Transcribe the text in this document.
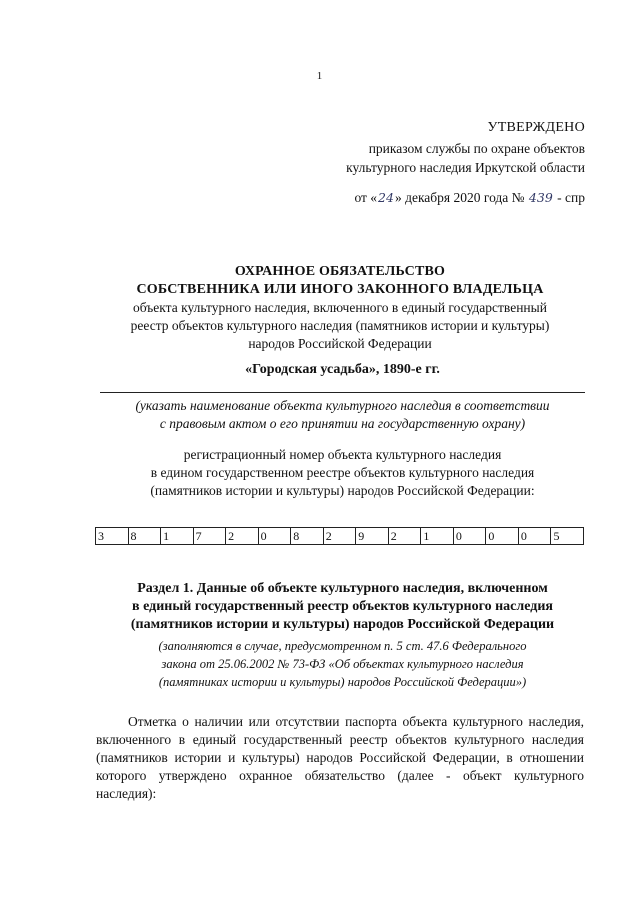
1
УТВЕРЖДЕНО
приказом службы по охране объектов
культурного наследия Иркутской области
от «24» декабря 2020 года № 439 - спр
ОХРАННОЕ ОБЯЗАТЕЛЬСТВО
СОБСТВЕННИКА ИЛИ ИНОГО ЗАКОННОГО ВЛАДЕЛЬЦА
объекта культурного наследия, включенного в единый государственный
реестр объектов культурного наследия (памятников истории и культуры)
народов Российской Федерации
«Городская усадьба», 1890-е гг.
(указать наименование объекта культурного наследия в соответствии
с правовым актом о его принятии на государственную охрану)
регистрационный номер объекта культурного наследия
в едином государственном реестре объектов культурного наследия
(памятников истории и культуры) народов Российской Федерации:
3	8	1	7	2	0	8	2	9	2	1	0	0	0	5
Раздел 1. Данные об объекте культурного наследия, включенном
в единый государственный реестр объектов культурного наследия
(памятников истории и культуры) народов Российской Федерации
(заполняются в случае, предусмотренном п. 5 ст. 47.6 Федерального
закона от 25.06.2002 № 73-ФЗ «Об объектах культурного наследия
(памятниках истории и культуры) народов Российской Федерации»)
Отметка о наличии или отсутствии паспорта объекта культурного наследия, включенного в единый государственный реестр объектов культурного наследия (памятников истории и культуры) народов Российской Федерации, в отношении которого утверждено охранное обязательство (далее - объект культурного наследия):
